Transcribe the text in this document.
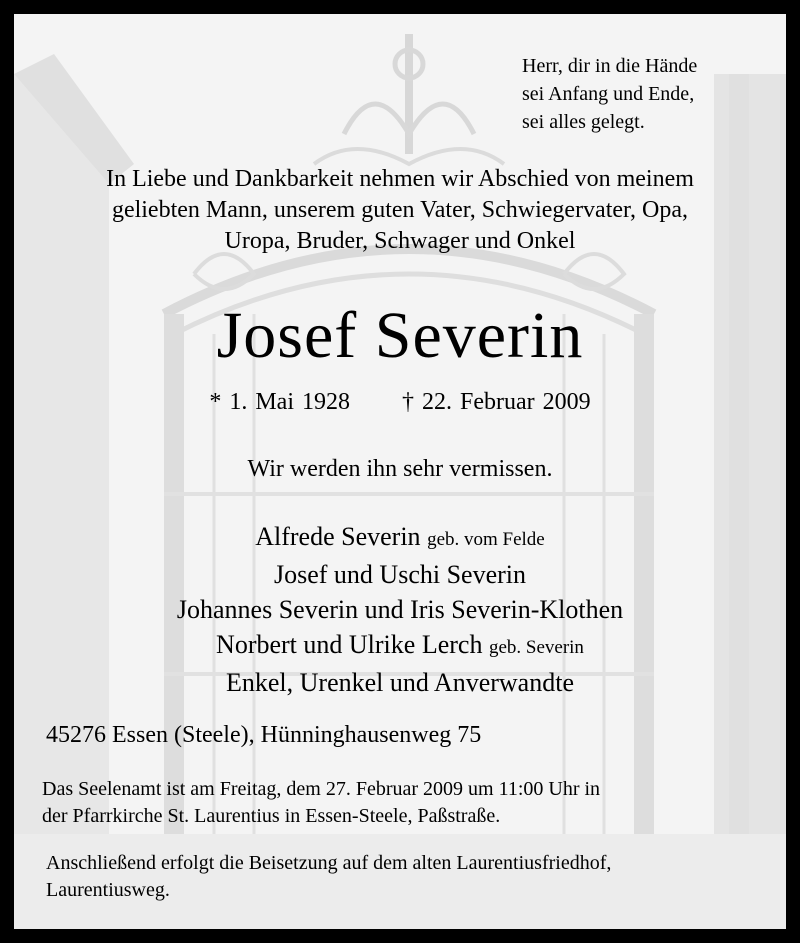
Herr, dir in die Hände
sei Anfang und Ende,
sei alles gelegt.
In Liebe und Dankbarkeit nehmen wir Abschied von meinem
geliebten Mann, unserem guten Vater, Schwiegervater, Opa,
Uropa, Bruder, Schwager und Onkel
Josef Severin
* 1. Mai 1928 † 22. Februar 2009
Wir werden ihn sehr vermissen.
Alfrede Severin geb. vom Felde
Josef und Uschi Severin
Johannes Severin und Iris Severin-Klothen
Norbert und Ulrike Lerch geb. Severin
Enkel, Urenkel und Anverwandte
45276 Essen (Steele), Hünninghausenweg 75
Das Seelenamt ist am Freitag, dem 27. Februar 2009 um 11:00 Uhr in
der Pfarrkirche St. Laurentius in Essen-Steele, Paßstraße.
Anschließend erfolgt die Beisetzung auf dem alten Laurentiusfriedhof,
Laurentiusweg.
